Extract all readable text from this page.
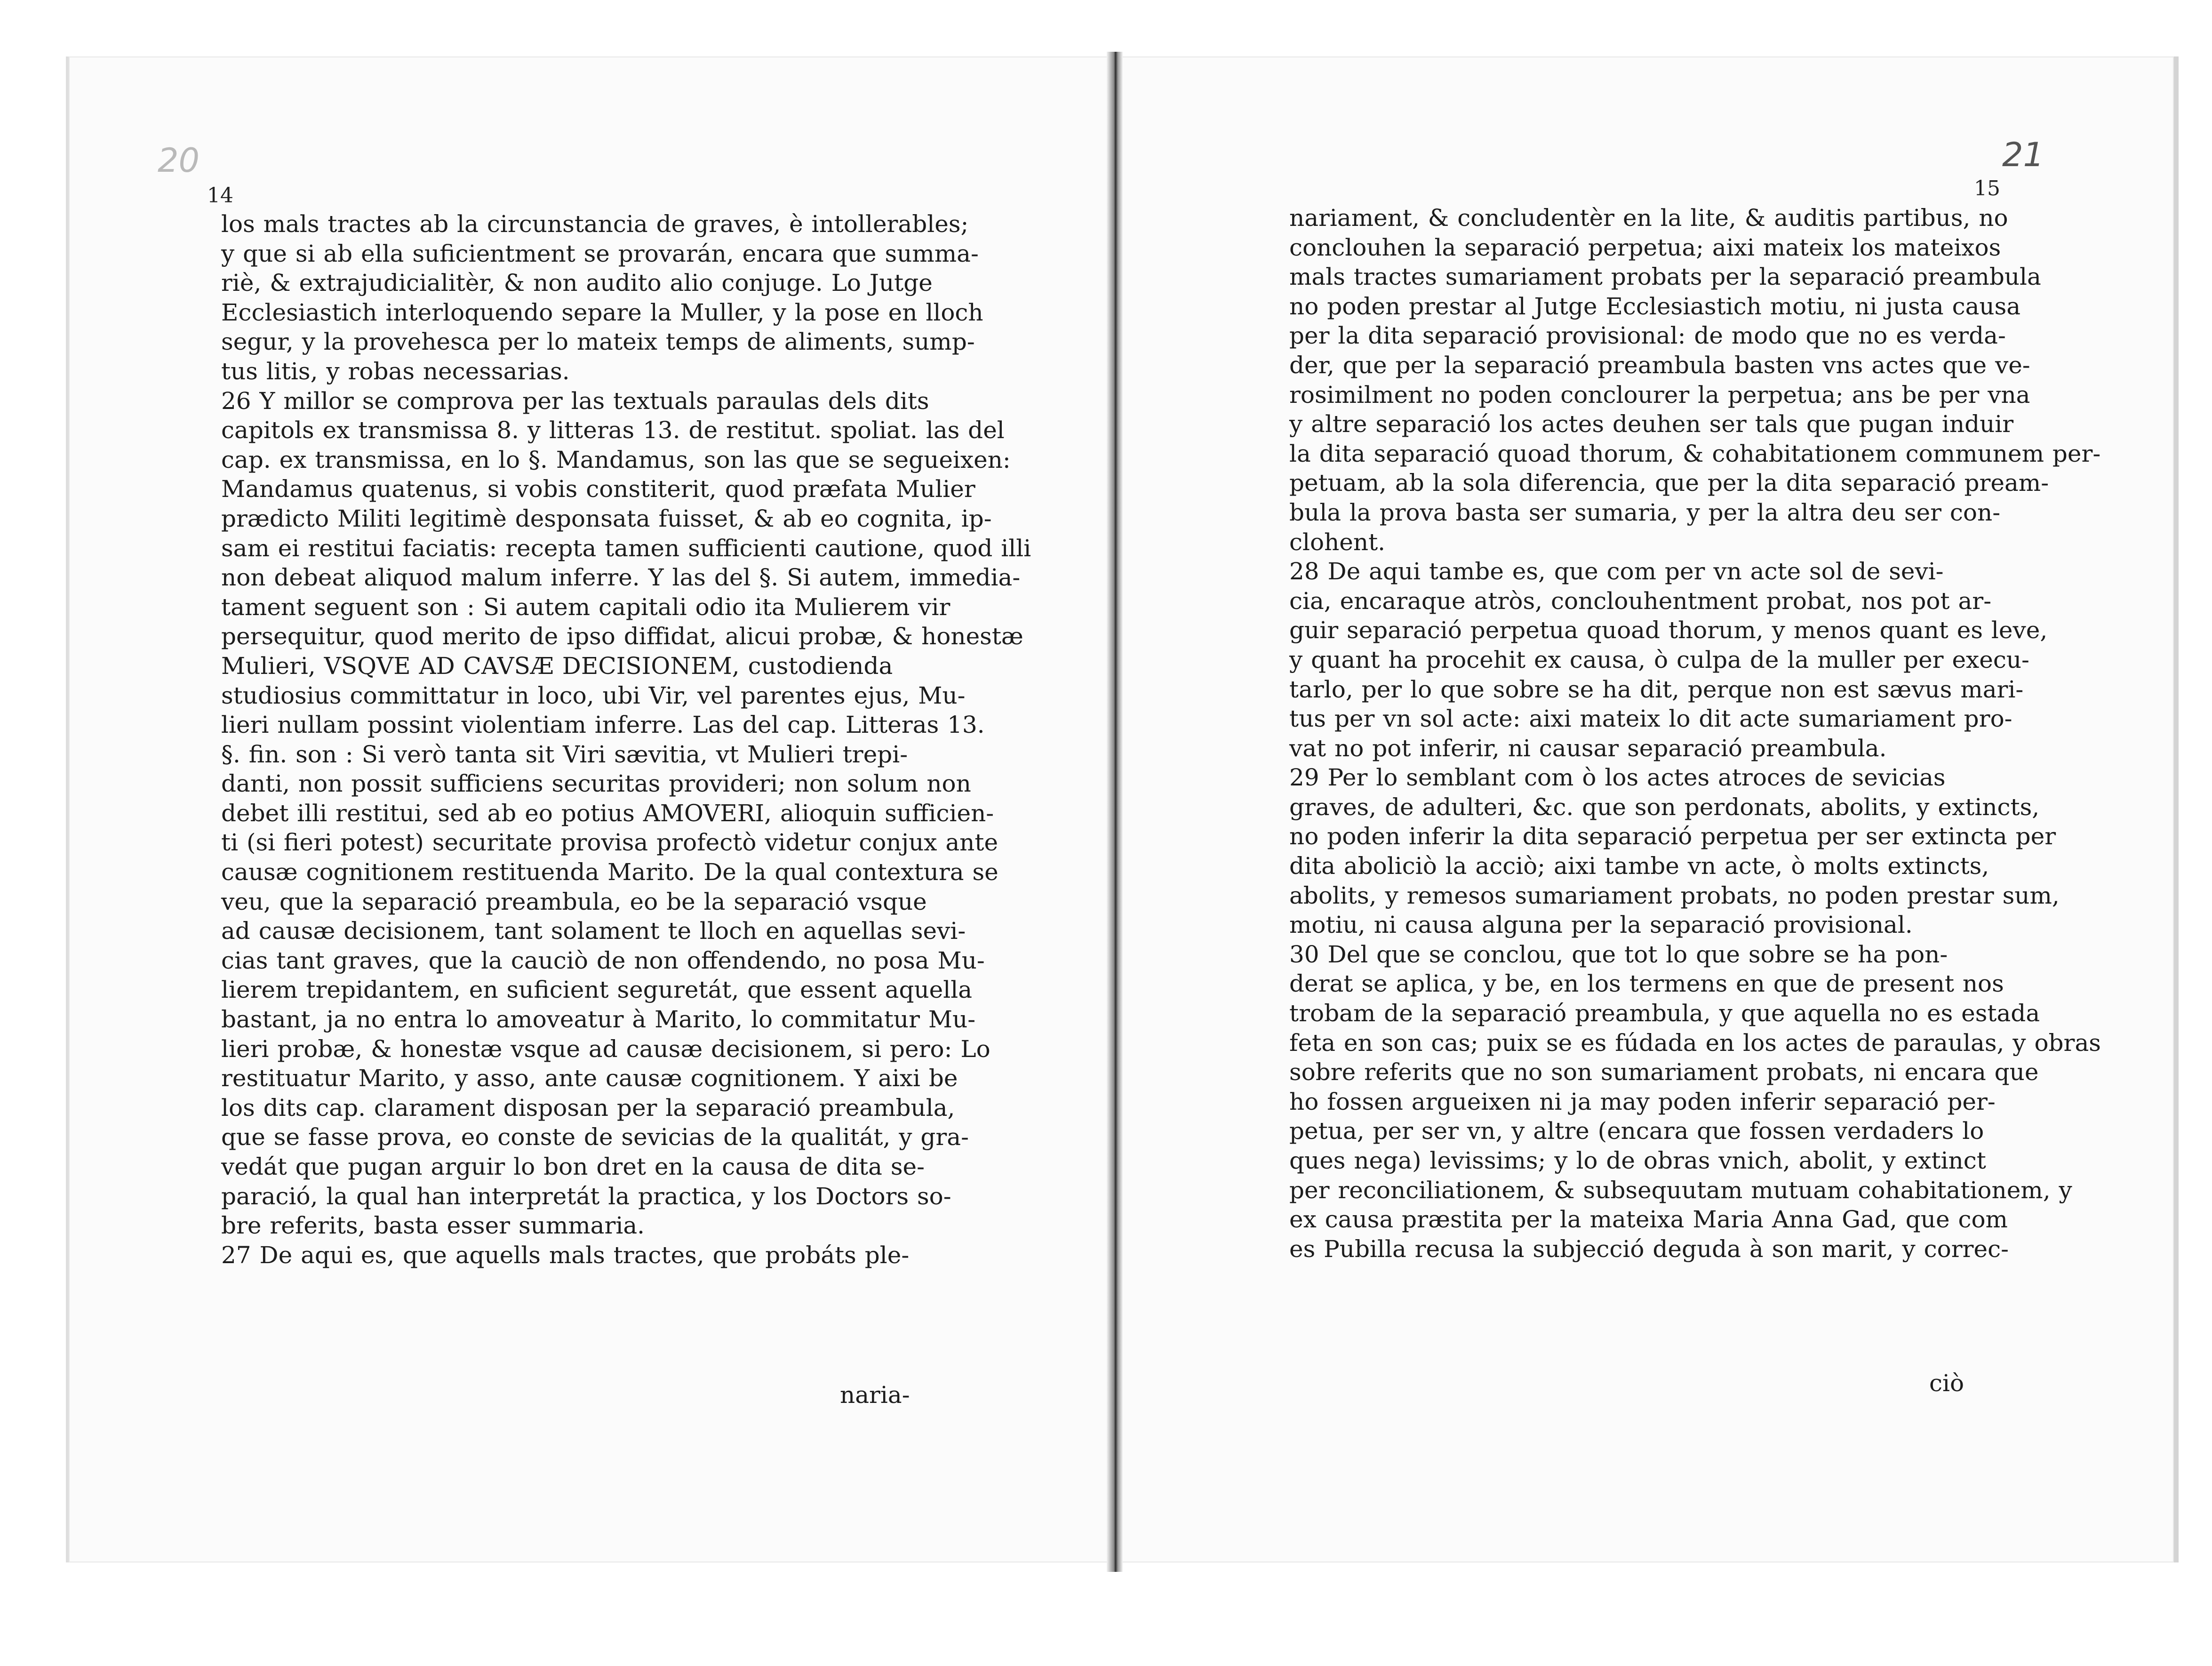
20	21
14	15
los mals tractes ab la circunstancia de graves, è intollerables;
y que si ab ella suficientment se provarán, encara que summa-
riè, & extrajudicialitèr, & non audito alio conjuge. Lo Jutge
Ecclesiastich interloquendo separe la Muller, y la pose en lloch
segur, y la provehesca per lo mateix temps de aliments, sump-
tus litis, y robas necessarias.
26 Y millor se comprova per las textuals paraulas dels dits
capitols ex transmissa 8. y litteras 13. de restitut. spoliat. las del
cap. ex transmissa, en lo §. Mandamus, son las que se segueixen:
Mandamus quatenus, si vobis constiterit, quod præfata Mulier
prædicto Militi legitimè desponsata fuisset, & ab eo cognita, ip-
sam ei restitui faciatis: recepta tamen sufficienti cautione, quod illi
non debeat aliquod malum inferre. Y las del §. Si autem, immedia-
tament seguent son : Si autem capitali odio ita Mulierem vir
persequitur, quod merito de ipso diffidat, alicui probæ, & honestæ
Mulieri, VSQVE AD CAVSÆ DECISIONEM, custodienda
studiosius committatur in loco, ubi Vir, vel parentes ejus, Mu-
lieri nullam possint violentiam inferre. Las del cap. Litteras 13.
§. fin. son : Si verò tanta sit Viri sævitia, vt Mulieri trepi-
danti, non possit sufficiens securitas provideri; non solum non
debet illi restitui, sed ab eo potius AMOVERI, alioquin sufficien-
ti (si fieri potest) securitate provisa profectò videtur conjux ante
causæ cognitionem restituenda Marito. De la qual contextura se
veu, que la separació preambula, eo be la separació vsque
ad causæ decisionem, tant solament te lloch en aquellas sevi-
cias tant graves, que la cauciò de non offendendo, no posa Mu-
lierem trepidantem, en suficient seguretát, que essent aquella
bastant, ja no entra lo amoveatur à Marito, lo commitatur Mu-
lieri probæ, & honestæ vsque ad causæ decisionem, si pero: Lo
restituatur Marito, y asso, ante causæ cognitionem. Y aixi be
los dits cap. clarament disposan per la separació preambula,
que se fasse prova, eo conste de sevicias de la qualitát, y gra-
vedát que pugan arguir lo bon dret en la causa de dita se-
paració, la qual han interpretát la practica, y los Doctors so-
bre referits, basta esser summaria.
27 De aqui es, que aquells mals tractes, que probáts ple-
nariament, & concludentèr en la lite, & auditis partibus, no
conclouhen la separació perpetua; aixi mateix los mateixos
mals tractes sumariament probats per la separació preambula
no poden prestar al Jutge Ecclesiastich motiu, ni justa causa
per la dita separació provisional: de modo que no es verda-
der, que per la separació preambula basten vns actes que ve-
rosimilment no poden conclourer la perpetua; ans be per vna
y altre separació los actes deuhen ser tals que pugan induir
la dita separació quoad thorum, & cohabitationem communem per-
petuam, ab la sola diferencia, que per la dita separació pream-
bula la prova basta ser sumaria, y per la altra deu ser con-
clohent.
28 De aqui tambe es, que com per vn acte sol de sevi-
cia, encaraque atròs, conclouhentment probat, nos pot ar-
guir separació perpetua quoad thorum, y menos quant es leve,
y quant ha procehit ex causa, ò culpa de la muller per execu-
tarlo, per lo que sobre se ha dit, perque non est sævus mari-
tus per vn sol acte: aixi mateix lo dit acte sumariament pro-
vat no pot inferir, ni causar separació preambula.
29 Per lo semblant com ò los actes atroces de sevicias
graves, de adulteri, &c. que son perdonats, abolits, y extincts,
no poden inferir la dita separació perpetua per ser extincta per
dita aboliciò la acciò; aixi tambe vn acte, ò molts extincts,
abolits, y remesos sumariament probats, no poden prestar sum,
motiu, ni causa alguna per la separació provisional.
30 Del que se conclou, que tot lo que sobre se ha pon-
derat se aplica, y be, en los termens en que de present nos
trobam de la separació preambula, y que aquella no es estada
feta en son cas; puix se es fúdada en los actes de paraulas, y obras
sobre referits que no son sumariament probats, ni encara que
ho fossen argueixen ni ja may poden inferir separació per-
petua, per ser vn, y altre (encara que fossen verdaders lo
ques nega) levissims; y lo de obras vnich, abolit, y extinct
per reconciliationem, & subsequutam mutuam cohabitationem, y
ex causa præstita per la mateixa Maria Anna Gad, que com
es Pubilla recusa la subjecció deguda à son marit, y correc-
naria-	ciò
